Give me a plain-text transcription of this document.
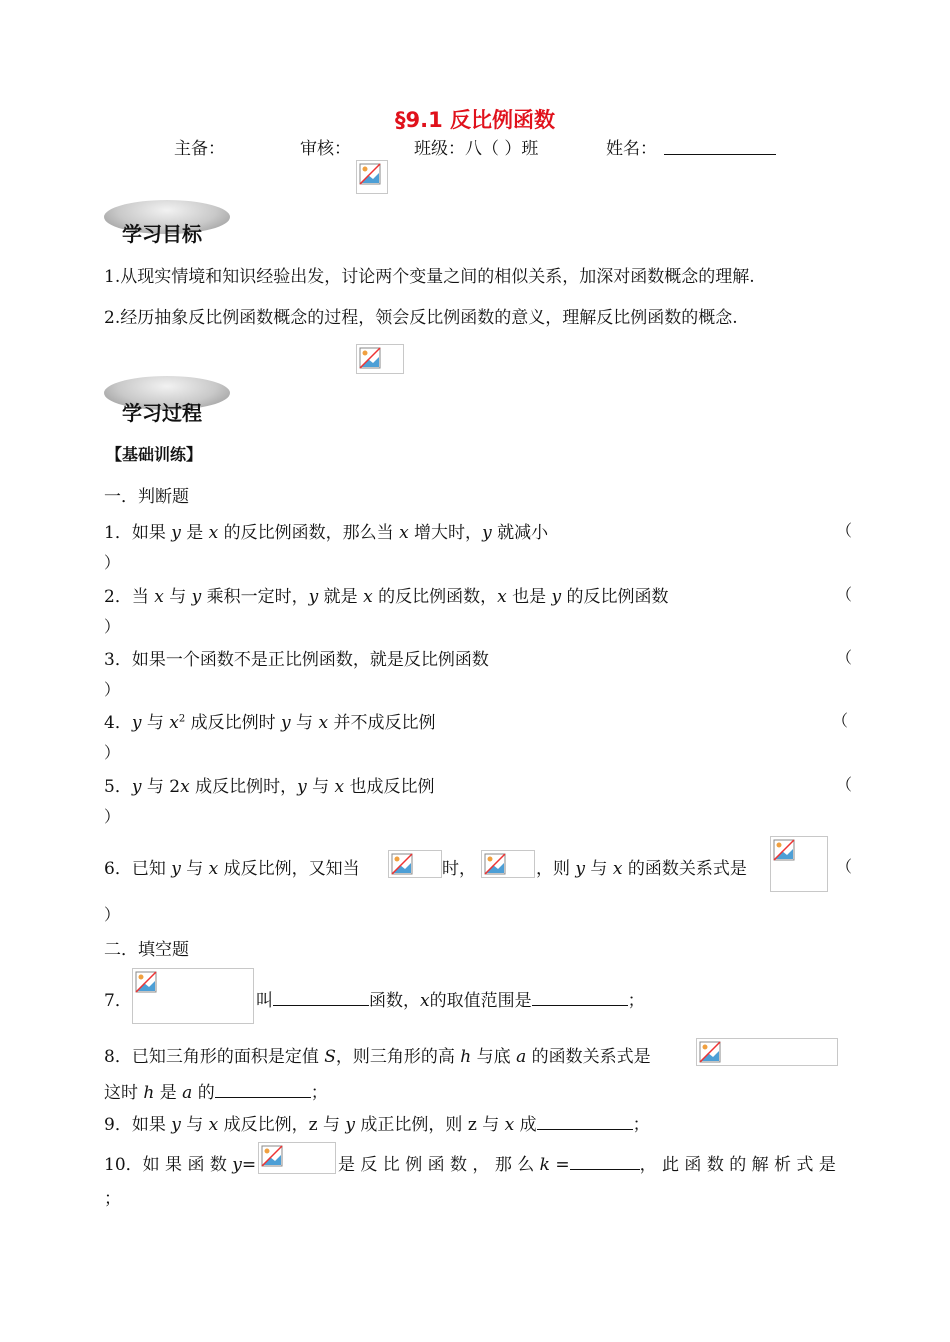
§9.1 反比例函数
主备：	审核：	班级：八（ ）班	姓名：
学习目标
1.从现实情境和知识经验出发，讨论两个变量之间的相似关系，加深对函数概念的理解.
2.经历抽象反比例函数概念的过程，领会反比例函数的意义，理解反比例函数的概念.
学习过程
【基础训练】
一．判断题
1．如果 y 是 x 的反比例函数，那么当 x 增大时，y 就减小	（
）
2．当 x 与 y 乘积一定时，y 就是 x 的反比例函数，x 也是 y 的反比例函数	（
）
3．如果一个函数不是正比例函数，就是反比例函数	（
）
4．y 与 $x^2$ 成反比例时 y 与 x 并不成反比例	（
）
5．y 与 2x 成反比例时，y 与 x 也成反比例	（
）
6．已知 y 与 x 成反比例，又知当	时，	，则 y 与 x 的函数关系式是	（
）
二．填空题
7．	叫	函数，x的取值范围是	；
8．已知三角形的面积是定值 S，则三角形的高 h 与底 a 的函数关系式是
这时 h 是 a 的	；
9．如果 y 与 x 成反比例，z 与 y 成正比例，则 z 与 x 成	；
10．如 果 函 数 y=	是 反 比 例 函 数 ， 那 么 k =	， 此 函 数 的 解 析 式 是
；
